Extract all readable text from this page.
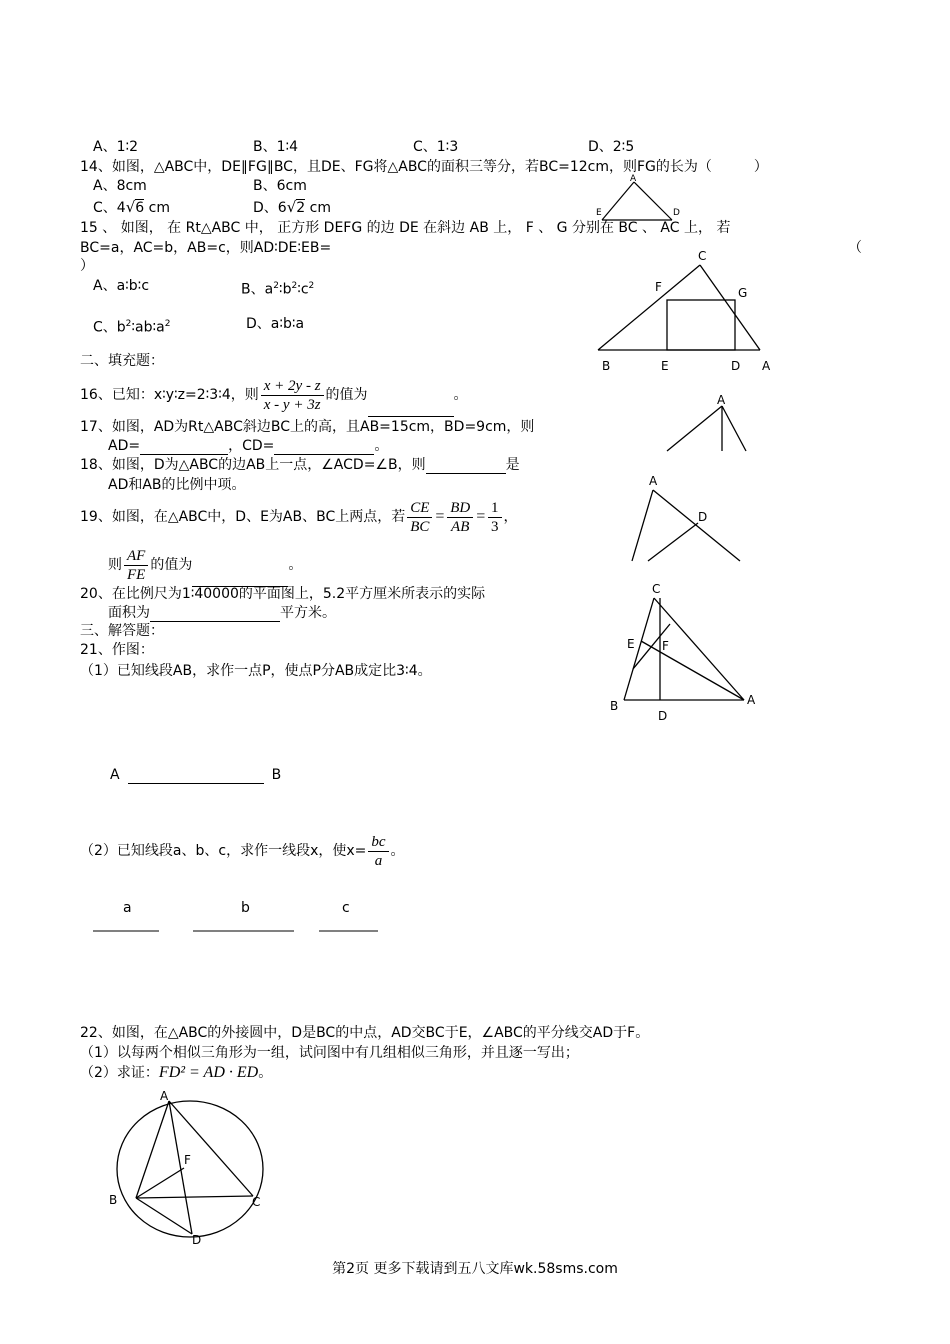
A、1∶2	B、1∶4	C、1∶3	D、2∶5
14、如图，△ABC中，DE∥FG∥BC，且DE、FG将△ABC的面积三等分，若BC=12cm，则FG的长为（　　　）
A、8cm	B、6cm
C、4√6 cm	D、6√2 cm
A
E	D
15 、 如图， 在 Rt△ABC 中， 正方形 DEFG 的边 DE 在斜边 AB 上， F 、 G 分别在 BC 、 AC 上， 若
BC=a，AC=b，AB=c，则AD∶DE∶EB=	（
）
A、a∶b∶c	B、$a^2∶b^2∶c^2$
C、$b^2∶ab∶a^2$	D、a∶b∶a
C
F	G
B	E	D A
二、填充题：
16、已知：x∶y∶z=2∶3∶4，则 $\frac{x + 2y - z}{x - y + 3z}$ 的值为	。	A
17、如图，AD为Rt△ABC斜边BC上的高，且AB=15cm，BD=9cm，则
AD=	，CD=	。
18、如图，D为△ABC的边AB上一点，∠ACD=∠B，则	是
AD和AB的比例中项。	A
D
19、如图，在△ABC中，D、E为AB、BC上两点，若 $\frac{CE}{BC} = \frac{BD}{AB} = \frac{1}{3}$ ，
则 $\frac{AF}{FE}$ 的值为	。
20、在比例尺为1∶40000的平面图上，5.2平方厘米所表示的实际
面积为	平方米。
三、解答题：
C
E F
B
D
A
21、作图：
（1）已知线段AB，求作一点P，使点P分AB成定比3∶4。
A	B
（2）已知线段a、b、c，求作一线段x，使$x= \frac{bc}{a}$ 。
a	b	c
22、如图，在△ABC的外接圆中，D是BC的中点，AD交BC于E，∠ABC的平分线交AD于F。
（1）以每两个相似三角形为一组，试问图中有几组相似三角形，并且逐一写出；
（2）求证：FD² = AD · ED。
A
F
B	C
D
第2页 更多下载请到五八文库wk.58sms.com
